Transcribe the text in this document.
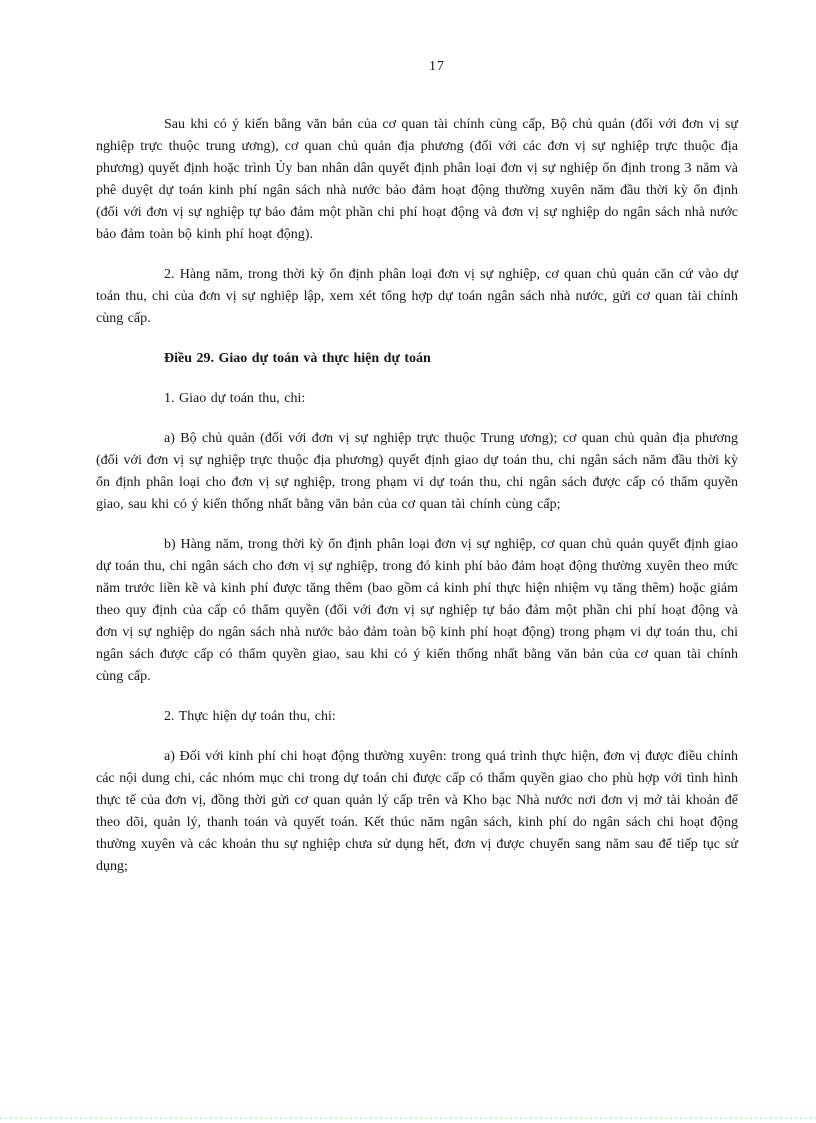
17

Sau khi có ý kiến bằng văn bản của cơ quan tài chính cùng cấp, Bộ chủ quản (đối với đơn vị sự nghiệp trực thuộc trung ương), cơ quan chủ quản địa phương (đối với các đơn vị sự nghiệp trực thuộc địa phương) quyết định hoặc trình Ủy ban nhân dân quyết định phân loại đơn vị sự nghiệp ổn định trong 3 năm và phê duyệt dự toán kinh phí ngân sách nhà nước bảo đảm hoạt động thường xuyên năm đầu thời kỳ ổn định (đối với đơn vị sự nghiệp tự bảo đảm một phần chi phí hoạt động và đơn vị sự nghiệp do ngân sách nhà nước bảo đảm toàn bộ kinh phí hoạt động).

2. Hàng năm, trong thời kỳ ổn định phân loại đơn vị sự nghiệp, cơ quan chủ quản căn cứ vào dự toán thu, chi của đơn vị sự nghiệp lập, xem xét tổng hợp dự toán ngân sách nhà nước, gửi cơ quan tài chính cùng cấp.

Điều 29. Giao dự toán và thực hiện dự toán

1. Giao dự toán thu, chi:

a) Bộ chủ quản (đối với đơn vị sự nghiệp trực thuộc Trung ương); cơ quan chủ quản địa phương (đối với đơn vị sự nghiệp trực thuộc địa phương) quyết định giao dự toán thu, chi ngân sách năm đầu thời kỳ ổn định phân loại cho đơn vị sự nghiệp, trong phạm vi dự toán thu, chi ngân sách được cấp có thẩm quyền giao, sau khi có ý kiến thống nhất bằng văn bản của cơ quan tài chính cùng cấp;

b) Hàng năm, trong thời kỳ ổn định phân loại đơn vị sự nghiệp, cơ quan chủ quản quyết định giao dự toán thu, chi ngân sách cho đơn vị sự nghiệp, trong đó kinh phí bảo đảm hoạt động thường xuyên theo mức năm trước liền kề và kinh phí được tăng thêm (bao gồm cả kinh phí thực hiện nhiệm vụ tăng thêm) hoặc giảm theo quy định của cấp có thẩm quyền (đối với đơn vị sự nghiệp tự bảo đảm một phần chi phí hoạt động và đơn vị sự nghiệp do ngân sách nhà nước bảo đảm toàn bộ kinh phí hoạt động) trong phạm vi dự toán thu, chi ngân sách được cấp có thẩm quyền giao, sau khi có ý kiến thống nhất bằng văn bản của cơ quan tài chính cùng cấp.

2. Thực hiện dự toán thu, chi:

a) Đối với kinh phí chi hoạt động thường xuyên: trong quá trình thực hiện, đơn vị được điều chỉnh các nội dung chi, các nhóm mục chi trong dự toán chi được cấp có thẩm quyền giao cho phù hợp với tình hình thực tế của đơn vị, đồng thời gửi cơ quan quản lý cấp trên và Kho bạc Nhà nước nơi đơn vị mở tài khoản để theo dõi, quản lý, thanh toán và quyết toán. Kết thúc năm ngân sách, kinh phí do ngân sách chi hoạt động thường xuyên và các khoản thu sự nghiệp chưa sử dụng hết, đơn vị được chuyển sang năm sau để tiếp tục sử dụng;
